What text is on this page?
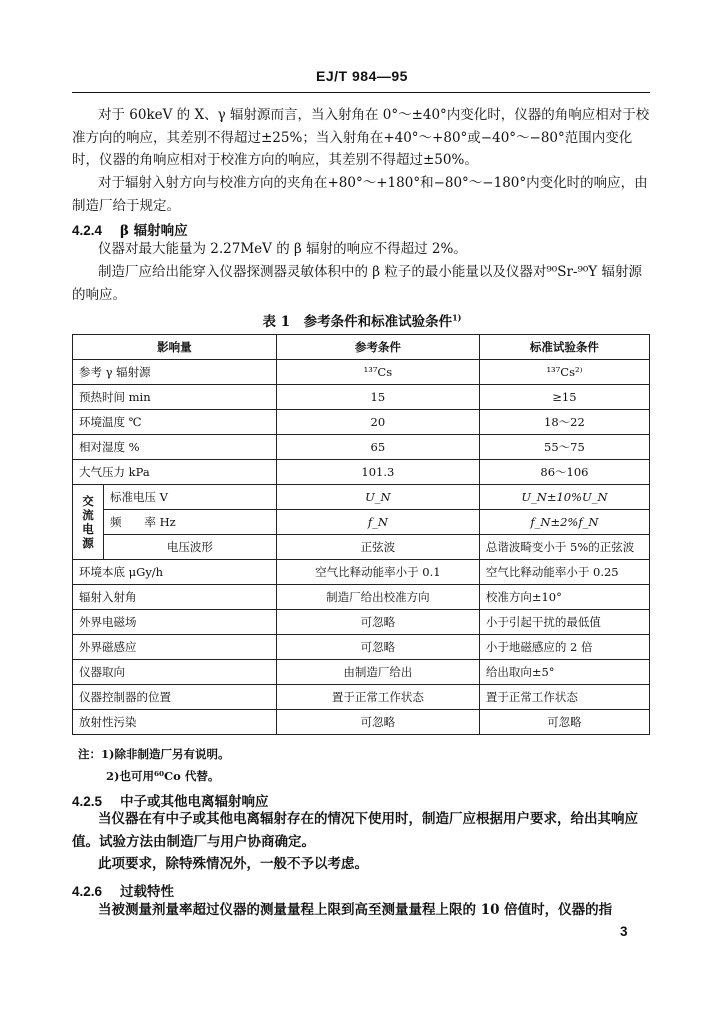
EJ/T 984—95

对于 60keV 的 X、γ 辐射源而言，当入射角在 0°～±40°内变化时，仪器的角响应相对于校准方向的响应，其差别不得超过±25%；当入射角在+40°～+80°或−40°～−80°范围内变化时，仪器的角响应相对于校准方向的响应，其差别不得超过±50%。

对于辐射入射方向与校准方向的夹角在+80°～+180°和−80°～−180°内变化时的响应，由制造厂给于规定。

4.2.4 β 辐射响应

仪器对最大能量为 2.27MeV 的 β 辐射的响应不得超过 2%。

制造厂应给出能穿入仪器探测器灵敏体积中的 β 粒子的最小能量以及仪器对⁹⁰Sr-⁹⁰Y 辐射源的响应。

表 1　参考条件和标准试验条件$^{1)}$
影响量		参考条件	标准试验条件
参考 γ 辐射源		¹³⁷Cs	¹³⁷Cs²⁾
预热时间 min		15	≥15
环境温度 ℃		20	18～22
相对湿度 %		65	55～75
大气压力 kPa		101.3	86～106

交
流
电
源	标准电压 V	U_N	U_N±10%U_N
	频　　率 Hz	f_N	f_N±2%f_N
	电压波形	正弦波	总谐波畸变小于 5%的正弦波
环境本底 μGy/h		空气比释动能率小于 0.1	空气比释动能率小于 0.25
辐射入射角		制造厂给出校准方向	校准方向±10°
外界电磁场		可忽略	小于引起干扰的最低值
外界磁感应		可忽略	小于地磁感应的 2 倍
仪器取向		由制造厂给出	给出取向±5°
仪器控制器的位置		置于正常工作状态	置于正常工作状态
放射性污染		可忽略	可忽略
注：1)除非制造厂另有说明。
2)也可用⁶⁰Co 代替。
4.2.5 中子或其他电离辐射响应

当仪器在有中子或其他电离辐射存在的情况下使用时，制造厂应根据用户要求，给出其响应值。试验方法由制造厂与用户协商确定。

此项要求，除特殊情况外，一般不予以考虑。

4.2.6 过载特性

当被测量剂量率超过仪器的测量量程上限到高至测量量程上限的 10 倍值时，仪器的指

3
